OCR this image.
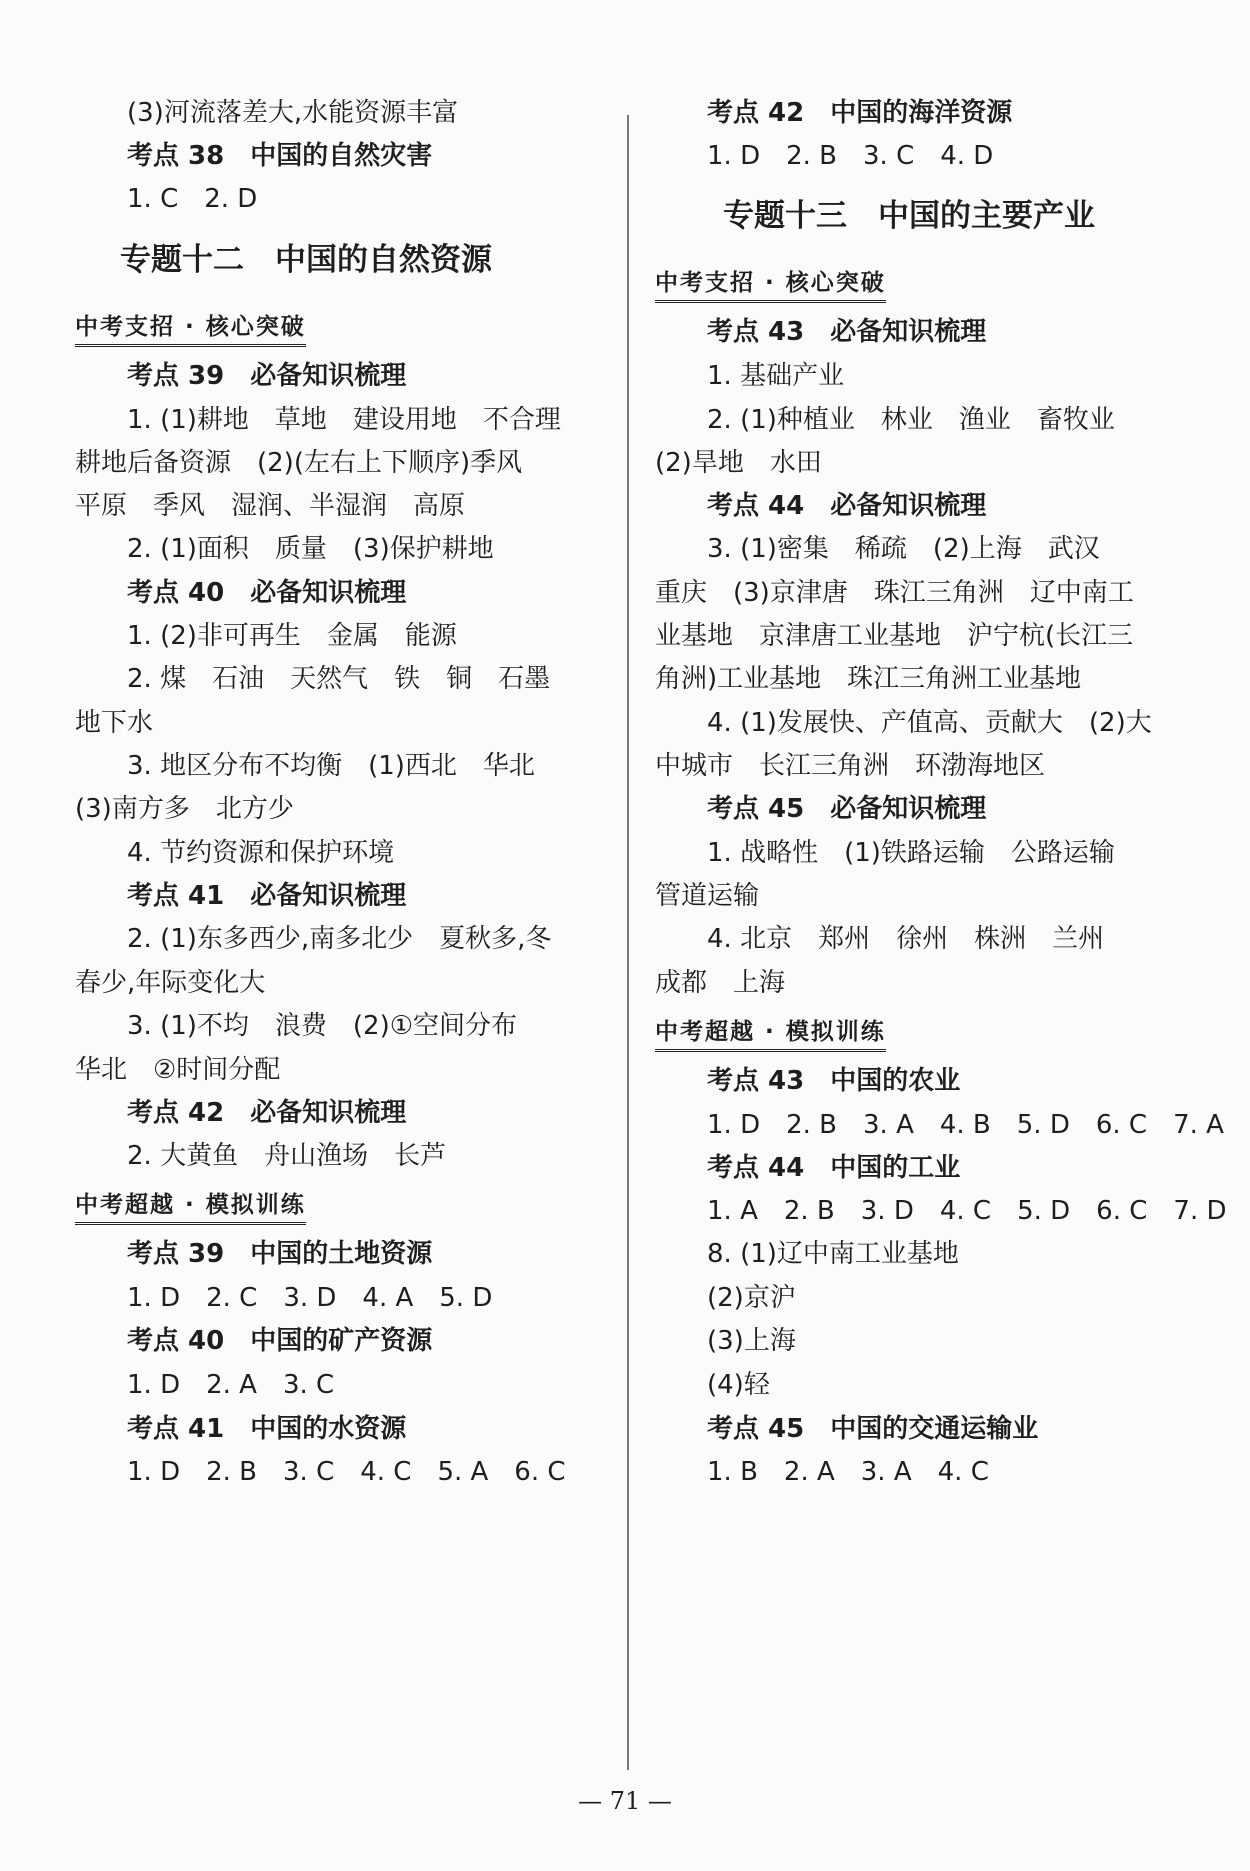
(3)河流落差大,水能资源丰富
考点 38　中国的自然灾害
1. C　2. D
专题十二　中国的自然资源
中考支招 · 核心突破
考点 39　必备知识梳理
1. (1)耕地　草地　建设用地　不合理
耕地后备资源　(2)(左右上下顺序)季风
平原　季风　湿润、半湿润　高原
2. (1)面积　质量　(3)保护耕地
考点 40　必备知识梳理
1. (2)非可再生　金属　能源
2. 煤　石油　天然气　铁　铜　石墨
地下水
3. 地区分布不均衡　(1)西北　华北
(3)南方多　北方少
4. 节约资源和保护环境
考点 41　必备知识梳理
2. (1)东多西少,南多北少　夏秋多,冬
春少,年际变化大
3. (1)不均　浪费　(2)①空间分布
华北　②时间分配
考点 42　必备知识梳理
2. 大黄鱼　舟山渔场　长芦
中考超越 · 模拟训练
考点 39　中国的土地资源
1. D　2. C　3. D　4. A　5. D
考点 40　中国的矿产资源
1. D　2. A　3. C
考点 41　中国的水资源
1. D　2. B　3. C　4. C　5. A　6. C
考点 42　中国的海洋资源
1. D　2. B　3. C　4. D
专题十三　中国的主要产业
中考支招 · 核心突破
考点 43　必备知识梳理
1. 基础产业
2. (1)种植业　林业　渔业　畜牧业
(2)旱地　水田
考点 44　必备知识梳理
3. (1)密集　稀疏　(2)上海　武汉
重庆　(3)京津唐　珠江三角洲　辽中南工
业基地　京津唐工业基地　沪宁杭(长江三
角洲)工业基地　珠江三角洲工业基地
4. (1)发展快、产值高、贡献大　(2)大
中城市　长江三角洲　环渤海地区
考点 45　必备知识梳理
1. 战略性　(1)铁路运输　公路运输
管道运输
4. 北京　郑州　徐州　株洲　兰州
成都　上海
中考超越 · 模拟训练
考点 43　中国的农业
1. D　2. B　3. A　4. B　5. D　6. C　7. A
考点 44　中国的工业
1. A　2. B　3. D　4. C　5. D　6. C　7. D
8. (1)辽中南工业基地
(2)京沪
(3)上海
(4)轻
考点 45　中国的交通运输业
1. B　2. A　3. A　4. C
— 71 —
